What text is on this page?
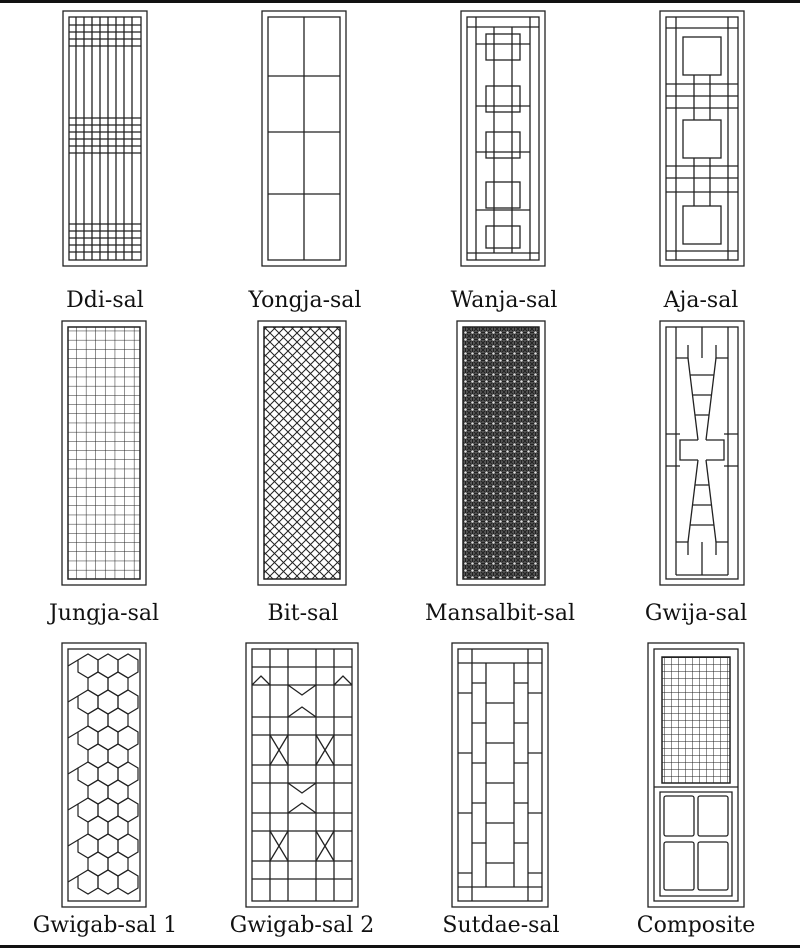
Ddi-sal	Yongja-sal	Wanja-sal	Aja-sal
Jungja-sal	Bit-sal	Mansalbit-sal	Gwija-sal
Gwigab-sal 1	Gwigab-sal 2	Sutdae-sal	Composite
